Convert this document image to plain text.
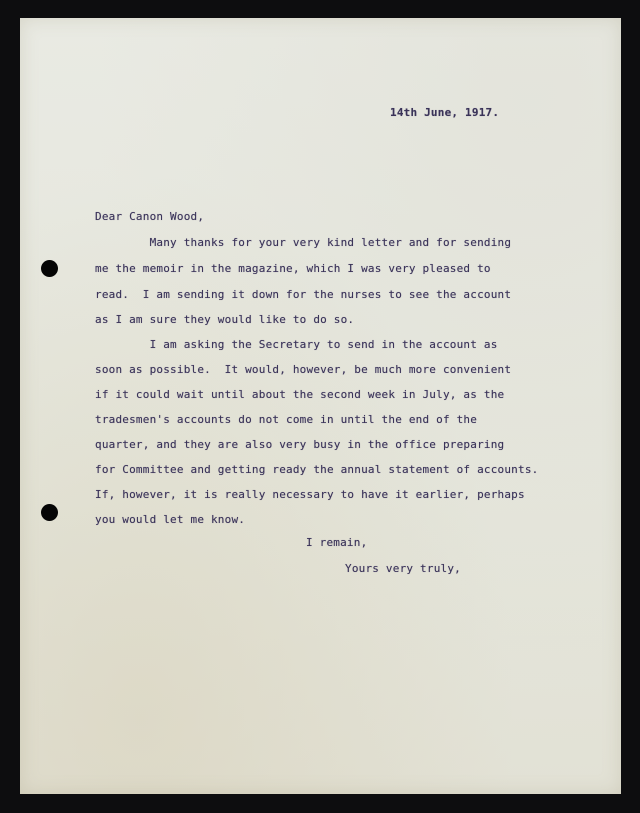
14th June, 1917.

Dear Canon Wood,

Many thanks for your very kind letter and for sending

me the memoir in the magazine, which I was very pleased to

read.  I am sending it down for the nurses to see the account

as I am sure they would like to do so.

I am asking the Secretary to send in the account as

soon as possible.  It would, however, be much more convenient

if it could wait until about the second week in July, as the

tradesmen's accounts do not come in until the end of the

quarter, and they are also very busy in the office preparing

for Committee and getting ready the annual statement of accounts.

If, however, it is really necessary to have it earlier, perhaps

you would let me know.

I remain,

Yours very truly,
